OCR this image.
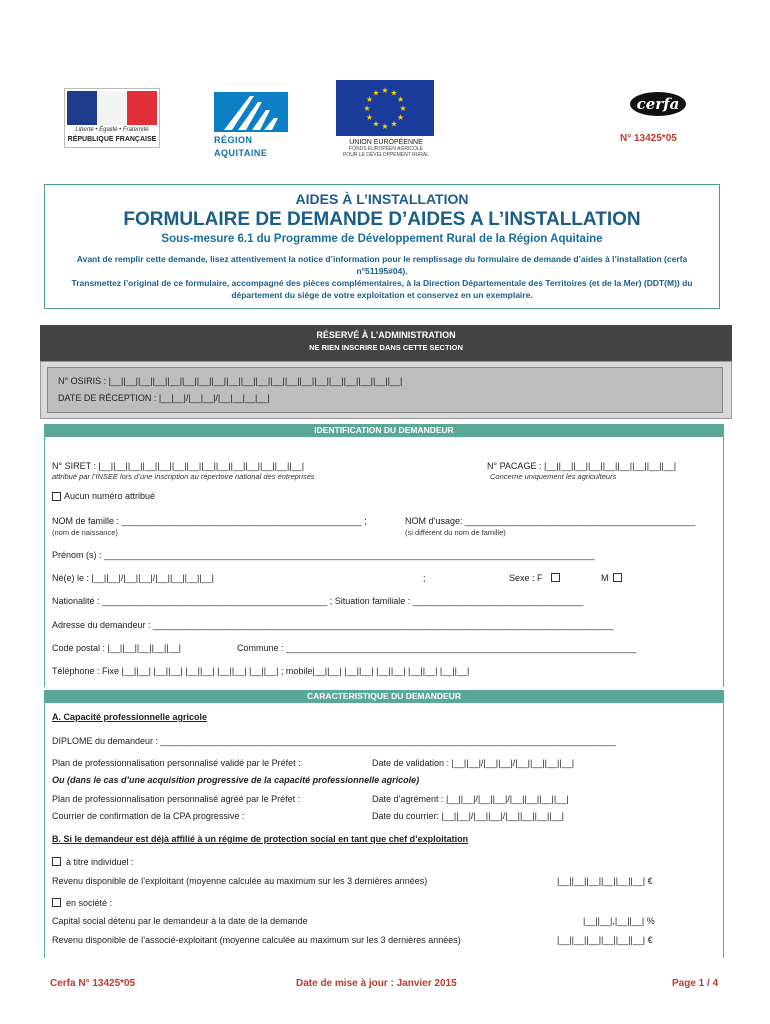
Liberté • Égalité • Fraternité
RÉPUBLIQUE FRANÇAISE	RÉGION
AQUITAINE
★
★
★
★
★
★
★
★
★ ★ ★
★
UNION EUROPÉENNE
FONDS EUROPÉEN AGRICOLE
POUR LE DÉVELOPPEMENT RURAL
cerfa
N° 13425*05
AIDES À L’INSTALLATION
FORMULAIRE DE DEMANDE D’AIDES A L’INSTALLATION
Sous-mesure 6.1 du Programme de Développement Rural de la Région Aquitaine
Avant de remplir cette demande, lisez attentivement la notice d’information pour le remplissage du formulaire de demande d’aides à l’installation (cerfa n°51195#04).
Transmettez l’original de ce formulaire, accompagné des pièces complémentaires, à la Direction Départementale des Territoires (et de la Mer) (DDT(M)) du département du siège de votre exploitation et conservez en un exemplaire.
RÉSERVÉ À L’ADMINISTRATION
NE RIEN INSCRIRE DANS CETTE SECTION
N° OSIRIS : |__||__||__||__||__||__||__||__||__||__||__||__||__||__||__||__||__||__||__||__|
DATE DE RÉCEPTION : |__|__|/|__|__|/|__|__|__|__|
IDENTIFICATION DU DEMANDEUR
N° SIRET : |__||__||__||__||__||__||__||__||__||__||__||__||__||__|
attribué par l’INSEE lors d’une inscription au répertoire national des entreprises
N° PACAGE : |__||__||__||__||__||__||__||__||__|
Concerne uniquement les agriculteurs
Aucun numéro attribué
NOM de famille : ________________________________________________ ;
(nom de naissance)
NOM d’usage: ______________________________________________
(si différent du nom de famille)
Prénom (s) : __________________________________________________________________________________________________
Né(e) le : |__||__|/|__||__|/|__||__||__||__|	;	Sexe : F	M
Nationalité : _____________________________________________ ; Situation familiale : __________________________________
Adresse du demandeur : ____________________________________________________________________________________________
Code postal : |__||__||__||__||__|	Commune : ______________________________________________________________________
Téléphone : Fixe |__||__| |__||__| |__||__| |__||__| |__||__| ; mobile|__||__| |__||__| |__||__| |__||__| |__||__|
CARACTERISTIQUE DU DEMANDEUR
A. Capacité professionnelle agricole
DIPLOME du demandeur : ___________________________________________________________________________________________
Plan de professionnalisation personnalisé validé par le Préfet :	Date de validation : |__||__|/|__||__|/|__||__||__||__|
Ou (dans le cas d’une acquisition progressive de la capacité professionnelle agricole)
Plan de professionnalisation personnalisé agréé par le Préfet :	Date d’agrément : |__||__|/|__||__|/|__||__||__||__|
Courrier de confirmation de la CPA progressive :	Date du courrier: |__||__|/|__||__|/|__||__||__||__|
B. Si le demandeur est déjà affilié à un régime de protection social en tant que chef d’exploitation
à titre individuel :
Revenu disponible de l’exploitant (moyenne calculée au maximum sur les 3 dernières années)	|__||__||__||__||__||__| €
en société :
Capital social détenu par le demandeur à la date de la demande	|__||__|,|__||__| %
Revenu disponible de l’associé-exploitant (moyenne calculée au maximum sur les 3 dernières années)	|__||__||__||__||__||__| €
Cerfa N° 13425*05	Date de mise à jour : Janvier 2015	Page 1 / 4
